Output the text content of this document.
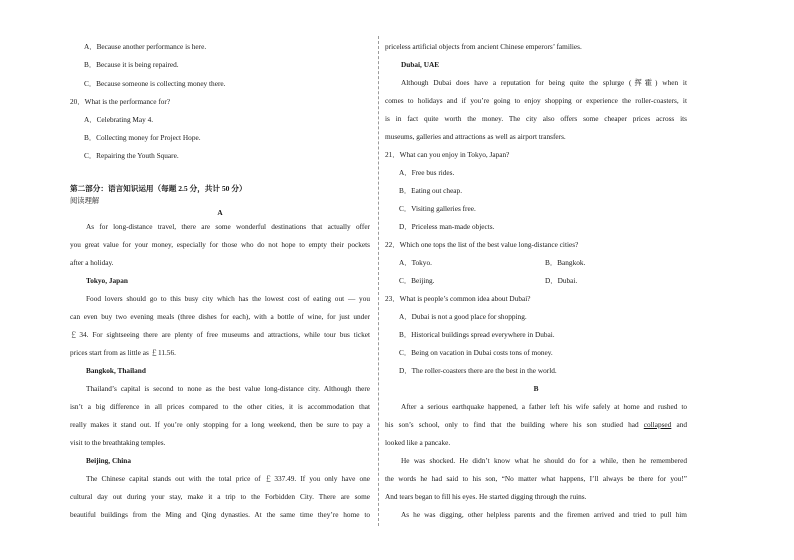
A．Because another performance is here.
B．Because it is being repaired.
C．Because someone is collecting money there.
20．What is the performance for?
A．Celebrating May 4.
B．Collecting money for Project Hope.
C．Repairing the Youth Square.
第二部分：语言知识运用（每题 2.5 分，共计 50 分）
阅读理解
A
As for long-distance travel, there are some wonderful destinations that actually offer
you great value for your money, especially for those who do not hope to empty their pockets
after a holiday.
Tokyo, Japan
Food lovers should go to this busy city which has the lowest cost of eating out — you
can even buy two evening meals (three dishes for each), with a bottle of wine, for just under
￡34. For sightseeing there are plenty of free museums and attractions, while tour bus ticket
prices start from as little as ￡11.56.
Bangkok, Thailand
Thailand’s capital is second to none as the best value long-distance city. Although there
isn’t a big difference in all prices compared to the other cities, it is accommodation that
really makes it stand out. If you’re only stopping for a long weekend, then be sure to pay a
visit to the breathtaking temples.
Beijing, China
The Chinese capital stands out with the total price of ￡337.49. If you only have one
cultural day out during your stay, make it a trip to the Forbidden City. There are some
beautiful buildings from the Ming and Qing dynasties. At the same time they’re home to
priceless artificial objects from ancient Chinese emperors’ families.
Dubai, UAE
Although Dubai does have a reputation for being quite the splurge (挥霍) when it
comes to holidays and if you’re going to enjoy shopping or experience the roller-coasters, it
is in fact quite worth the money. The city also offers some cheaper prices across its
museums, galleries and attractions as well as airport transfers.
21．What can you enjoy in Tokyo, Japan?
A．Free bus rides.
B．Eating out cheap.
C．Visiting galleries free.
D．Priceless man-made objects.
22．Which one tops the list of the best value long-distance cities?
A．Tokyo.	B．Bangkok.
C．Beijing.	D．Dubai.
23．What is people’s common idea about Dubai?
A．Dubai is not a good place for shopping.
B．Historical buildings spread everywhere in Dubai.
C．Being on vacation in Dubai costs tons of money.
D．The roller-coasters there are the best in the world.
B
After a serious earthquake happened, a father left his wife safely at home and rushed to
his son’s school, only to find that the building where his son studied had collapsed and
looked like a pancake.
He was shocked. He didn’t know what he should do for a while, then he remembered
the words he had said to his son, “No matter what happens, I’ll always be there for you!”
And tears began to fill his eyes. He started digging through the ruins.
As he was digging, other helpless parents and the firemen arrived and tried to pull him
